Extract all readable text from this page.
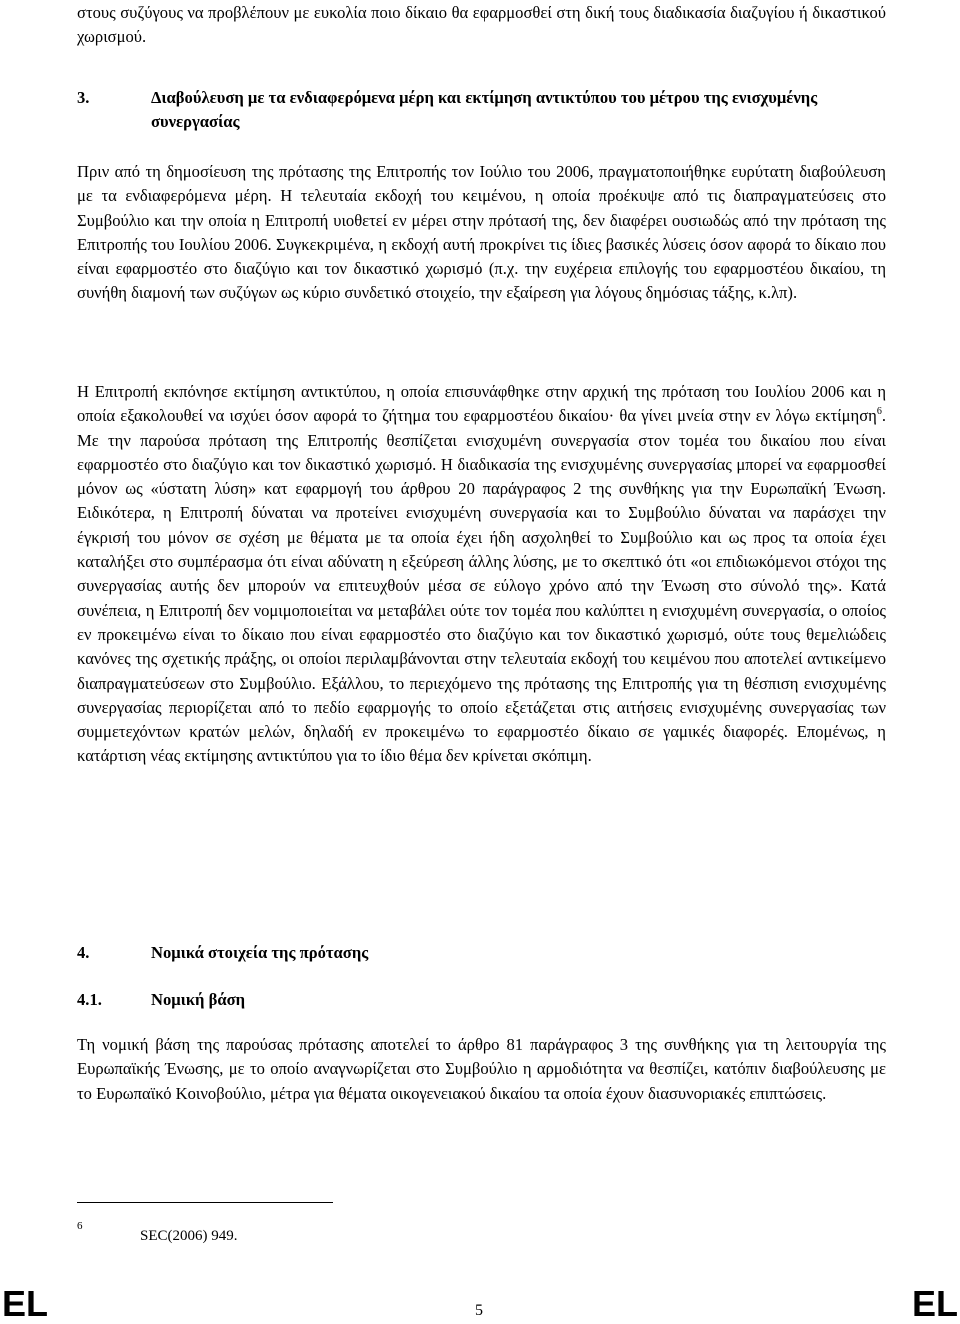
στους συζύγους να προβλέπουν με ευκολία ποιο δίκαιο θα εφαρμοσθεί στη δική τους διαδικασία διαζυγίου ή δικαστικού χωρισμού.

3.	Διαβούλευση με τα ενδιαφερόμενα μέρη και εκτίμηση αντικτύπου του μέτρου της ενισχυμένης συνεργασίας

Πριν από τη δημοσίευση της πρότασης της Επιτροπής τον Ιούλιο του 2006, πραγματοποιήθηκε ευρύτατη διαβούλευση με τα ενδιαφερόμενα μέρη. Η τελευταία εκδοχή του κειμένου, η οποία προέκυψε από τις διαπραγματεύσεις στο Συμβούλιο και την οποία η Επιτροπή υιοθετεί εν μέρει στην πρότασή της, δεν διαφέρει ουσιωδώς από την πρόταση της Επιτροπής του Ιουλίου 2006. Συγκεκριμένα, η εκδοχή αυτή προκρίνει τις ίδιες βασικές λύσεις όσον αφορά το δίκαιο που είναι εφαρμοστέο στο διαζύγιο και τον δικαστικό χωρισμό (π.χ. την ευχέρεια επιλογής του εφαρμοστέου δικαίου, τη συνήθη διαμονή των συζύγων ως κύριο συνδετικό στοιχείο, την εξαίρεση για λόγους δημόσιας τάξης, κ.λπ).

Η Επιτροπή εκπόνησε εκτίμηση αντικτύπου, η οποία επισυνάφθηκε στην αρχική της πρόταση του Ιουλίου 2006 και η οποία εξακολουθεί να ισχύει όσον αφορά το ζήτημα του εφαρμοστέου δικαίου· θα γίνει μνεία στην εν λόγω εκτίμηση$^6$. Με την παρούσα πρόταση της Επιτροπής θεσπίζεται ενισχυμένη συνεργασία στον τομέα του δικαίου που είναι εφαρμοστέο στο διαζύγιο και τον δικαστικό χωρισμό. Η διαδικασία της ενισχυμένης συνεργασίας μπορεί να εφαρμοσθεί μόνον ως «ύστατη λύση» κατ εφαρμογή του άρθρου 20 παράγραφος 2 της συνθήκης για την Ευρωπαϊκή Ένωση. Ειδικότερα, η Επιτροπή δύναται να προτείνει ενισχυμένη συνεργασία και το Συμβούλιο δύναται να παράσχει την έγκρισή του μόνον σε σχέση με θέματα με τα οποία έχει ήδη ασχοληθεί το Συμβούλιο και ως προς τα οποία έχει καταλήξει στο συμπέρασμα ότι είναι αδύνατη η εξεύρεση άλλης λύσης, με το σκεπτικό ότι «οι επιδιωκόμενοι στόχοι της συνεργασίας αυτής δεν μπορούν να επιτευχθούν μέσα σε εύλογο χρόνο από την Ένωση στο σύνολό της». Κατά συνέπεια, η Επιτροπή δεν νομιμοποιείται να μεταβάλει ούτε τον τομέα που καλύπτει η ενισχυμένη συνεργασία, ο οποίος εν προκειμένω είναι το δίκαιο που είναι εφαρμοστέο στο διαζύγιο και τον δικαστικό χωρισμό, ούτε τους θεμελιώδεις κανόνες της σχετικής πράξης, οι οποίοι περιλαμβάνονται στην τελευταία εκδοχή του κειμένου που αποτελεί αντικείμενο διαπραγματεύσεων στο Συμβούλιο. Εξάλλου, το περιεχόμενο της πρότασης της Επιτροπής για τη θέσπιση ενισχυμένης συνεργασίας περιορίζεται από το πεδίο εφαρμογής το οποίο εξετάζεται στις αιτήσεις ενισχυμένης συνεργασίας των συμμετεχόντων κρατών μελών, δηλαδή εν προκειμένω το εφαρμοστέο δίκαιο σε γαμικές διαφορές. Επομένως, η κατάρτιση νέας εκτίμησης αντικτύπου για το ίδιο θέμα δεν κρίνεται σκόπιμη.

4.	Νομικά στοιχεία της πρότασης
4.1.	Νομική βάση

Τη νομική βάση της παρούσας πρότασης αποτελεί το άρθρο 81 παράγραφος 3 της συνθήκης για τη λειτουργία της Ευρωπαϊκής Ένωσης, με το οποίο αναγνωρίζεται στο Συμβούλιο η αρμοδιότητα να θεσπίζει, κατόπιν διαβούλευσης με το Ευρωπαϊκό Κοινοβούλιο, μέτρα για θέματα οικογενειακού δικαίου τα οποία έχουν διασυνοριακές επιπτώσεις.

6
SEC(2006) 949.
EL	5	EL
